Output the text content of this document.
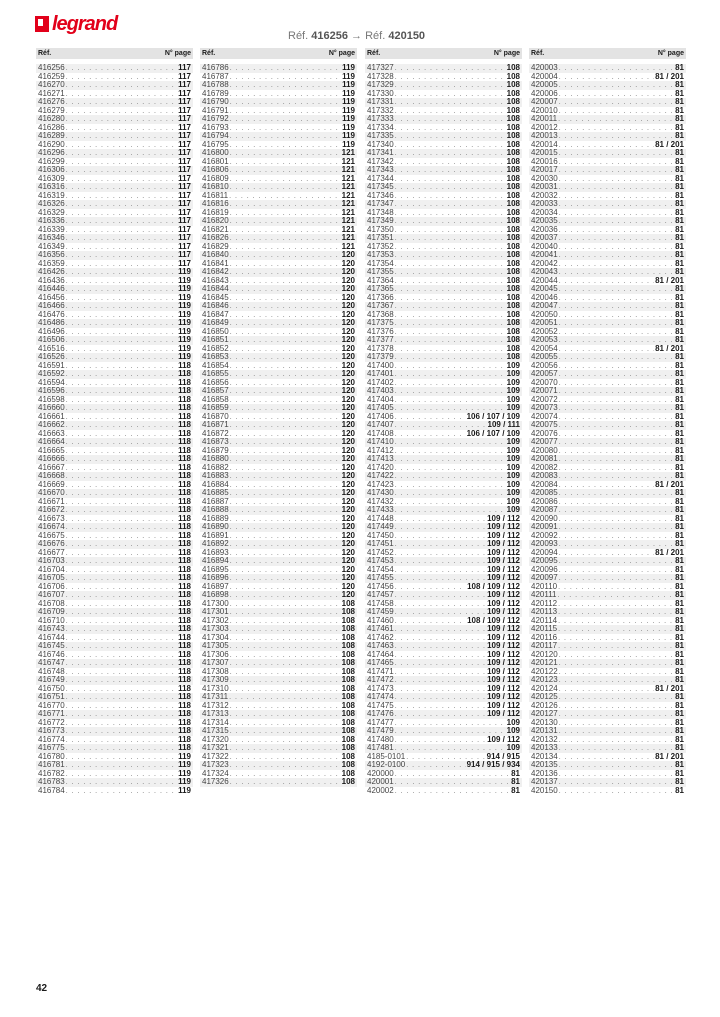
legrand
Réf. 416256 → Réf. 420150
Réf.	N° page
416256 . . .	117
416259 . . .	117
416270 . . .	117
416271 . . .	117
416276 . . .	117
416279 . . .	117
416280 . . .	117
416286 . . .	117
416289 . . .	117
416290 . . .	117
416296 . . .	117
416299 . . .	117
416306 . . .	117
416309 . . .	117
416316 . . .	117
416319 . . .	117
416326 . . .	117
416329 . . .	117
416336 . . .	117
416339 . . .	117
416346 . . .	117
416349 . . .	117
416356 . . .	117
416359 . . .	117
416426 . . .	119
416436 . . .	119
416446 . . .	119
416456 . . .	119
416466 . . .	119
416476 . . .	119
416486 . . .	119
416496 . . .	119
416506 . . .	119
416516 . . .	119
416526 . . .	119
416591 . . .	118
416592 . . .	118
416594 . . .	118
416596 . . .	118
416598 . . .	118
416660 . . .	118
416661 . . .	118
416662 . . .	118
416663 . . .	118
416664 . . .	118
416665 . . .	118
416666 . . .	118
416667 . . .	118
416668 . . .	118
416669 . . .	118
416670 . . .	118
416671 . . .	118
416672 . . .	118
416673 . . .	118
416674 . . .	118
416675 . . .	118
416676 . . .	118
416677 . . .	118
416703 . . .	118
416704 . . .	118
416705 . . .	118
416706 . . .	118
416707 . . .	118
416708 . . .	118
416709 . . .	118
416710 . . .	118
416743 . . .	118
416744 . . .	118
416745 . . .	118
416746 . . .	118
416747 . . .	118
416748 . . .	118
416749 . . .	118
416750 . . .	118
416751 . . .	118
416770 . . .	118
416771 . . .	118
416772 . . .	118
416773 . . .	118
416774 . . .	118
416775 . . .	118
416780 . . .	119
416781 . . .	119
416782 . . .	119
416783 . . .	119
416784 . . .	119
Réf.	N° page
416786 . . .	119
416787 . . .	119
416788 . . .	119
416789 . . .	119
416790 . . .	119
416791 . . .	119
416792 . . .	119
416793 . . .	119
416794 . . .	119
416795 . . .	119
416800 . . .	121
416801 . . .	121
416806 . . .	121
416809 . . .	121
416810 . . .	121
416811 . . .	121
416816 . . .	121
416819 . . .	121
416820 . . .	121
416821 . . .	121
416826 . . .	121
416829 . . .	121
416840 . . .	120
416841 . . .	120
416842 . . .	120
416843 . . .	120
416844 . . .	120
416845 . . .	120
416846 . . .	120
416847 . . .	120
416849 . . .	120
416850 . . .	120
416851 . . .	120
416852 . . .	120
416853 . . .	120
416854 . . .	120
416855 . . .	120
416856 . . .	120
416857 . . .	120
416858 . . .	120
416859 . . .	120
416870 . . .	120
416871 . . .	120
416872 . . .	120
416873 . . .	120
416879 . . .	120
416880 . . .	120
416882 . . .	120
416883 . . .	120
416884 . . .	120
416885 . . .	120
416887 . . .	120
416888 . . .	120
416889 . . .	120
416890 . . .	120
416891 . . .	120
416892 . . .	120
416893 . . .	120
416894 . . .	120
416895 . . .	120
416896 . . .	120
416897 . . .	120
416898 . . .	120
417300 . . .	108
417301 . . .	108
417302 . . .	108
417303 . . .	108
417304 . . .	108
417305 . . .	108
417306 . . .	108
417307 . . .	108
417308 . . .	108
417309 . . .	108
417310 . . .	108
417311 . . .	108
417312 . . .	108
417313 . . .	108
417314 . . .	108
417315 . . .	108
417320 . . .	108
417321 . . .	108
417322 . . .	108
417323 . . .	108
417324 . . .	108
417326 . . .	108
Réf.	N° page
417327 . . .	108
417328 . . .	108
417329 . . .	108
417330 . . .	108
417331 . . .	108
417332 . . .	108
417333 . . .	108
417334 . . .	108
417335 . . .	108
417340 . . .	108
417341 . . .	108
417342 . . .	108
417343 . . .	108
417344 . . .	108
417345 . . .	108
417346 . . .	108
417347 . . .	108
417348 . . .	108
417349 . . .	108
417350 . . .	108
417351 . . .	108
417352 . . .	108
417353 . . .	108
417354 . . .	108
417355 . . .	108
417364 . . .	108
417365 . . .	108
417366 . . .	108
417367 . . .	108
417368 . . .	108
417375 . . .	108
417376 . . .	108
417377 . . .	108
417378 . . .	108
417379 . . .	108
417400 . . .	109
417401 . . .	109
417402 . . .	109
417403 . . .	109
417404 . . .	109
417405 . . .	109
417406 . . .	106 / 107 / 109
417407 . . .	109 / 111
417408 . . .	106 / 107 / 109
417410 . . .	109
417412 . . .	109
417413 . . .	109
417420 . . .	109
417422 . . .	109
417423 . . .	109
417430 . . .	109
417432 . . .	109
417433 . . .	109
417448 . . .	109 / 112
417449 . . .	109 / 112
417450 . . .	109 / 112
417451 . . .	109 / 112
417452 . . .	109 / 112
417453 . . .	109 / 112
417454 . . .	109 / 112
417455 . . .	109 / 112
417456 . . .	108 / 109 / 112
417457 . . .	109 / 112
417458 . . .	109 / 112
417459 . . .	109 / 112
417460 . . .	108 / 109 / 112
417461 . . .	109 / 112
417462 . . .	109 / 112
417463 . . .	109 / 112
417464 . . .	109 / 112
417465 . . .	109 / 112
417471 . . .	109 / 112
417472 . . .	109 / 112
417473 . . .	109 / 112
417474 . . .	109 / 112
417475 . . .	109 / 112
417476 . . .	109 / 112
417477 . . .	109
417479 . . .	109
417480 . . .	109 / 112
417481 . . .	109
4185-0101 . . .	914 / 915
4192-0100 . . .	914 / 915 / 934
420000 . . .	81
420001 . . .	81
420002 . . .	81
Réf.	N° page
420003 . . .	81
420004 . . .	81 / 201
420005 . . .	81
420006 . . .	81
420007 . . .	81
420010 . . .	81
420011 . . .	81
420012 . . .	81
420013 . . .	81
420014 . . .	81 / 201
420015 . . .	81
420016 . . .	81
420017 . . .	81
420030 . . .	81
420031 . . .	81
420032 . . .	81
420033 . . .	81
420034 . . .	81
420035 . . .	81
420036 . . .	81
420037 . . .	81
420040 . . .	81
420041 . . .	81
420042 . . .	81
420043 . . .	81
420044 . . .	81 / 201
420045 . . .	81
420046 . . .	81
420047 . . .	81
420050 . . .	81
420051 . . .	81
420052 . . .	81
420053 . . .	81
420054 . . .	81 / 201
420055 . . .	81
420056 . . .	81
420057 . . .	81
420070 . . .	81
420071 . . .	81
420072 . . .	81
420073 . . .	81
420074 . . .	81
420075 . . .	81
420076 . . .	81
420077 . . .	81
420080 . . .	81
420081 . . .	81
420082 . . .	81
420083 . . .	81
420084 . . .	81 / 201
420085 . . .	81
420086 . . .	81
420087 . . .	81
420090 . . .	81
420091 . . .	81
420092 . . .	81
420093 . . .	81
420094 . . .	81 / 201
420095 . . .	81
420096 . . .	81
420097 . . .	81
420110 . . .	81
420111 . . .	81
420112 . . .	81
420113 . . .	81
420114 . . .	81
420115 . . .	81
420116 . . .	81
420117 . . .	81
420120 . . .	81
420121 . . .	81
420122 . . .	81
420123 . . .	81
420124 . . .	81 / 201
420125 . . .	81
420126 . . .	81
420127 . . .	81
420130 . . .	81
420131 . . .	81
420132 . . .	81
420133 . . .	81
420134 . . .	81 / 201
420135 . . .	81
420136 . . .	81
420137 . . .	81
420150 . . .	81
42
